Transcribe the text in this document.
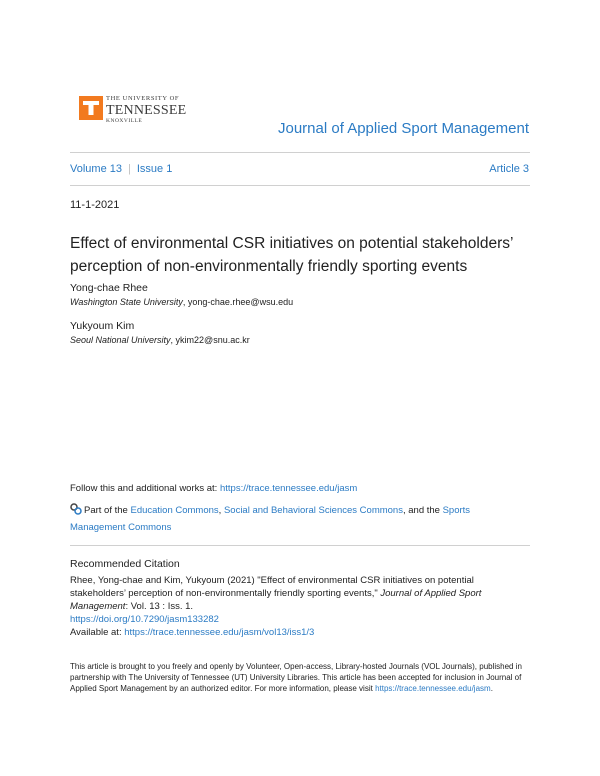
THE UNIVERSITY OF
TENNESSEE
KNOXVILLE	Journal of Applied Sport Management
Volume 13 | Issue 1	Article 3
11-1-2021
Effect of environmental CSR initiatives on potential stakeholders’ perception of non-environmentally friendly sporting events
Yong-chae Rhee
Washington State University, yong-chae.rhee@wsu.edu
Yukyoum Kim
Seoul National University, ykim22@snu.ac.kr
Follow this and additional works at: https://trace.tennessee.edu/jasm
Part of the Education Commons, Social and Behavioral Sciences Commons, and the Sports Management Commons
Recommended Citation
Rhee, Yong-chae and Kim, Yukyoum (2021) "Effect of environmental CSR initiatives on potential stakeholders’ perception of non-environmentally friendly sporting events," Journal of Applied Sport Management: Vol. 13 : Iss. 1.
https://doi.org/10.7290/jasm133282
Available at: https://trace.tennessee.edu/jasm/vol13/iss1/3
This article is brought to you freely and openly by Volunteer, Open-access, Library-hosted Journals (VOL Journals), published in partnership with The University of Tennessee (UT) University Libraries. This article has been accepted for inclusion in Journal of Applied Sport Management by an authorized editor. For more information, please visit https://trace.tennessee.edu/jasm.
